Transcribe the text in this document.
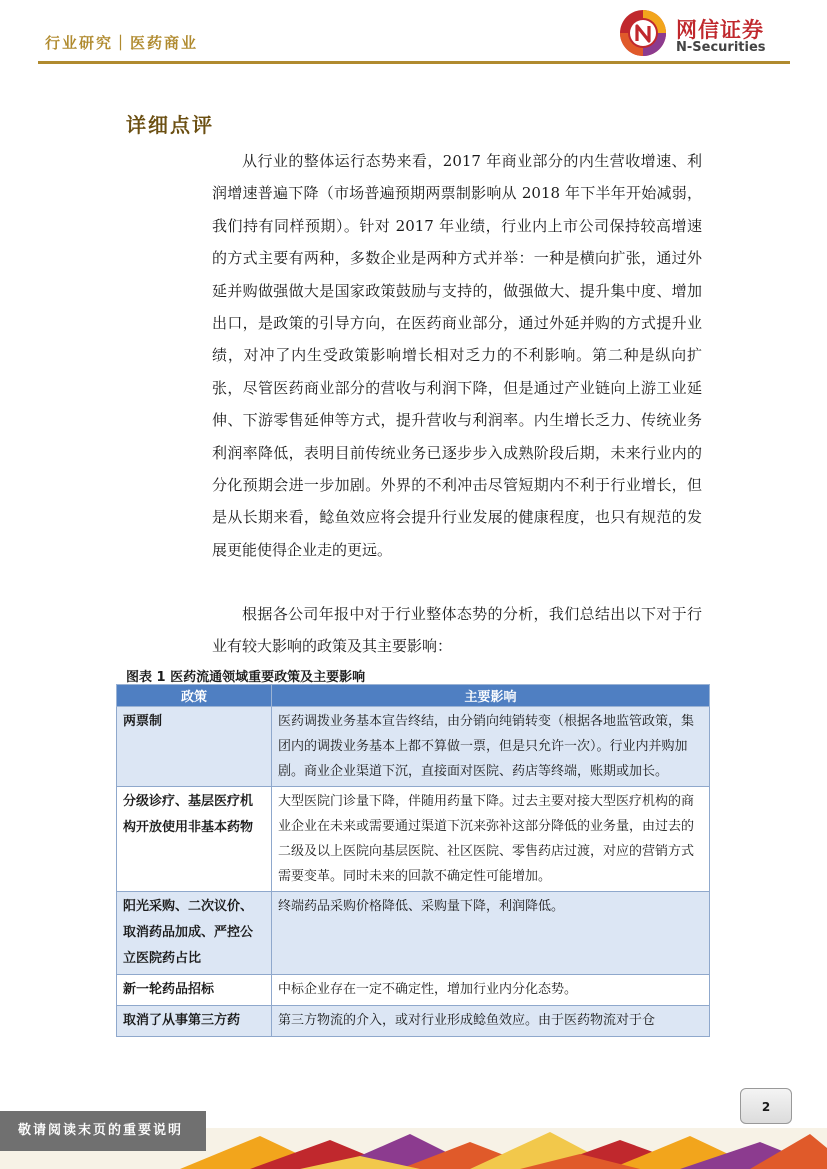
行业研究｜医药商业
网信证券
N-Securities
详细点评

从行业的整体运行态势来看，2017 年商业部分的内生营收增速、利润增速普遍下降（市场普遍预期两票制影响从 2018 年下半年开始减弱，我们持有同样预期）。针对 2017 年业绩，行业内上市公司保持较高增速的方式主要有两种，多数企业是两种方式并举：一种是横向扩张，通过外延并购做强做大是国家政策鼓励与支持的，做强做大、提升集中度、增加出口，是政策的引导方向，在医药商业部分，通过外延并购的方式提升业绩，对冲了内生受政策影响增长相对乏力的不利影响。第二种是纵向扩张，尽管医药商业部分的营收与利润下降，但是通过产业链向上游工业延伸、下游零售延伸等方式，提升营收与利润率。内生增长乏力、传统业务利润率降低，表明目前传统业务已逐步步入成熟阶段后期，未来行业内的分化预期会进一步加剧。外界的不利冲击尽管短期内不利于行业增长，但是从长期来看，鲶鱼效应将会提升行业发展的健康程度，也只有规范的发展更能使得企业走的更远。

根据各公司年报中对于行业整体态势的分析，我们总结出以下对于行业有较大影响的政策及其主要影响：

图表 1 医药流通领域重要政策及主要影响
政策	主要影响
两票制	医药调拨业务基本宣告终结，由分销向纯销转变（根据各地监管政策，集团内的调拨业务基本上都不算做一票，但是只允许一次）。行业内并购加剧。商业企业渠道下沉，直接面对医院、药店等终端，账期或加长。
分级诊疗、基层医疗机构开放使用非基本药物	大型医院门诊量下降，伴随用药量下降。过去主要对接大型医疗机构的商业企业在未来或需要通过渠道下沉来弥补这部分降低的业务量，由过去的二级及以上医院向基层医院、社区医院、零售药店过渡，对应的营销方式需要变革。同时未来的回款不确定性可能增加。
阳光采购、二次议价、取消药品加成、严控公立医院药占比	终端药品采购价格降低、采购量下降，利润降低。
新一轮药品招标	中标企业存在一定不确定性，增加行业内分化态势。
取消了从事第三方药	第三方物流的介入，或对行业形成鲶鱼效应。由于医药物流对于仓
2
敬请阅读末页的重要说明
